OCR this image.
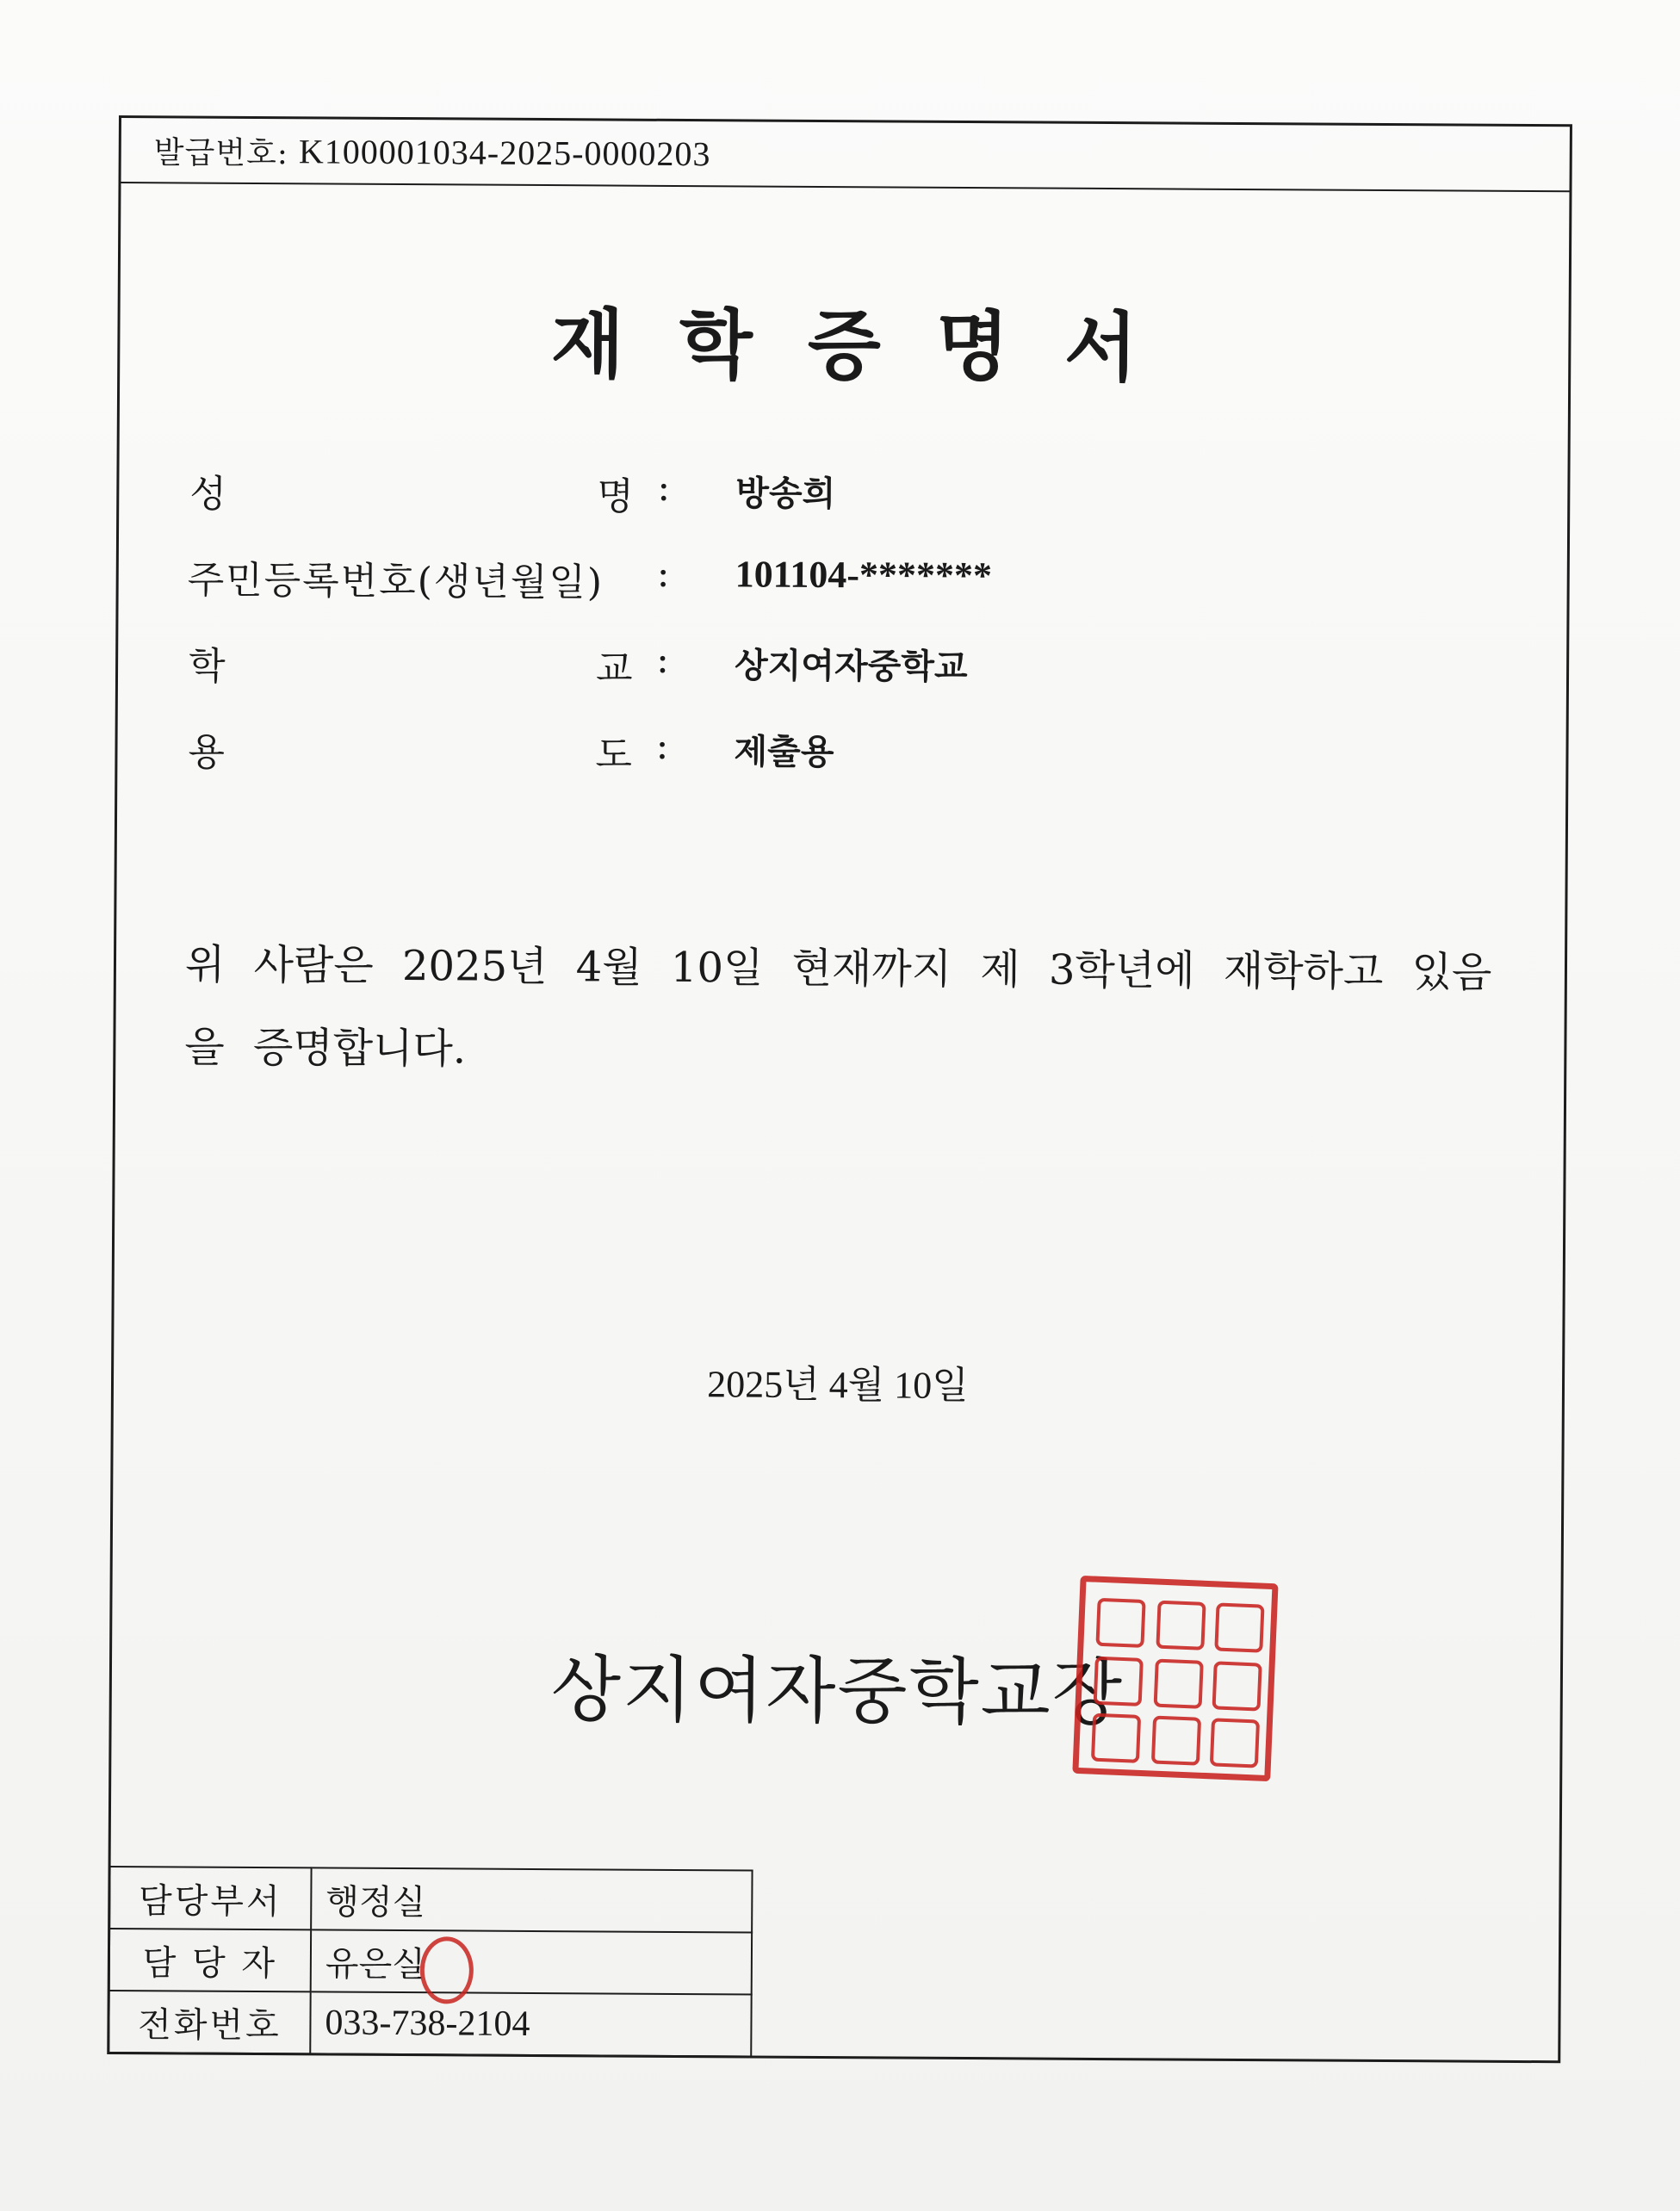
발급번호: K100001034-2025-0000203
재 학 증 명 서
성	명 : 방송희
주민등록번호(생년월일) : 101104-*******
학	교 : 상지여자중학교
용	도 : 제출용
위 사람은 2025년 4월 10일 현재까지 제 3학년에 재학하고 있음을 증명합니다.
2025년 4월 10일
상지여자중학교장
담당부서	행정실
담 당 자	유은실
전화번호	033-738-2104
